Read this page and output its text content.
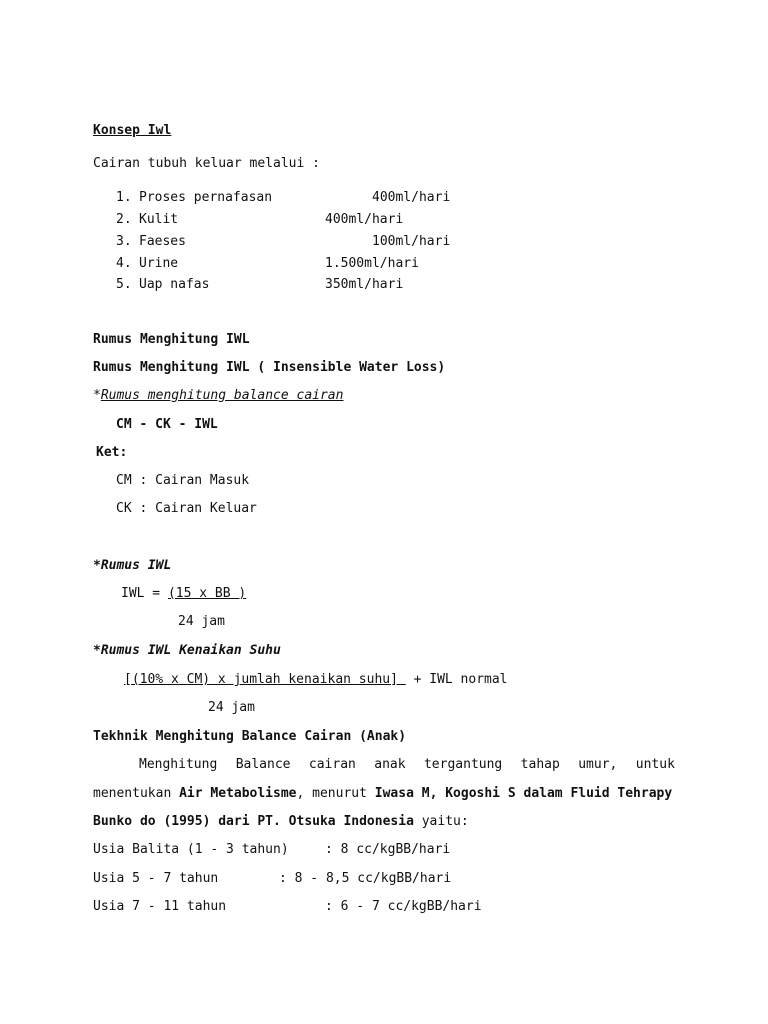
Konsep Iwl
Cairan tubuh keluar melalui :
1. Proses pernafasan	400ml/hari
2. Kulit	400ml/hari
3. Faeses	100ml/hari
4. Urine	1.500ml/hari
5. Uap nafas	350ml/hari
Rumus Menghitung IWL
Rumus Menghitung IWL ( Insensible Water Loss)
*Rumus menghitung balance cairan
CM - CK - IWL
Ket:
CM : Cairan Masuk
CK : Cairan Keluar
*Rumus IWL
IWL = (15 x BB )
24 jam
*Rumus IWL Kenaikan Suhu
[(10% x CM) x jumlah kenaikan suhu]  + IWL normal
24 jam
Tekhnik Menghitung Balance Cairan (Anak)
Menghitung Balance cairan anak tergantung tahap umur, untuk
menentukan Air Metabolisme, menurut Iwasa M, Kogoshi S dalam Fluid Tehrapy
Bunko do (1995) dari PT. Otsuka Indonesia yaitu:
Usia Balita (1 - 3 tahun)	: 8 cc/kgBB/hari
Usia 5 - 7 tahun	: 8 - 8,5 cc/kgBB/hari
Usia 7 - 11 tahun	: 6 - 7 cc/kgBB/hari
